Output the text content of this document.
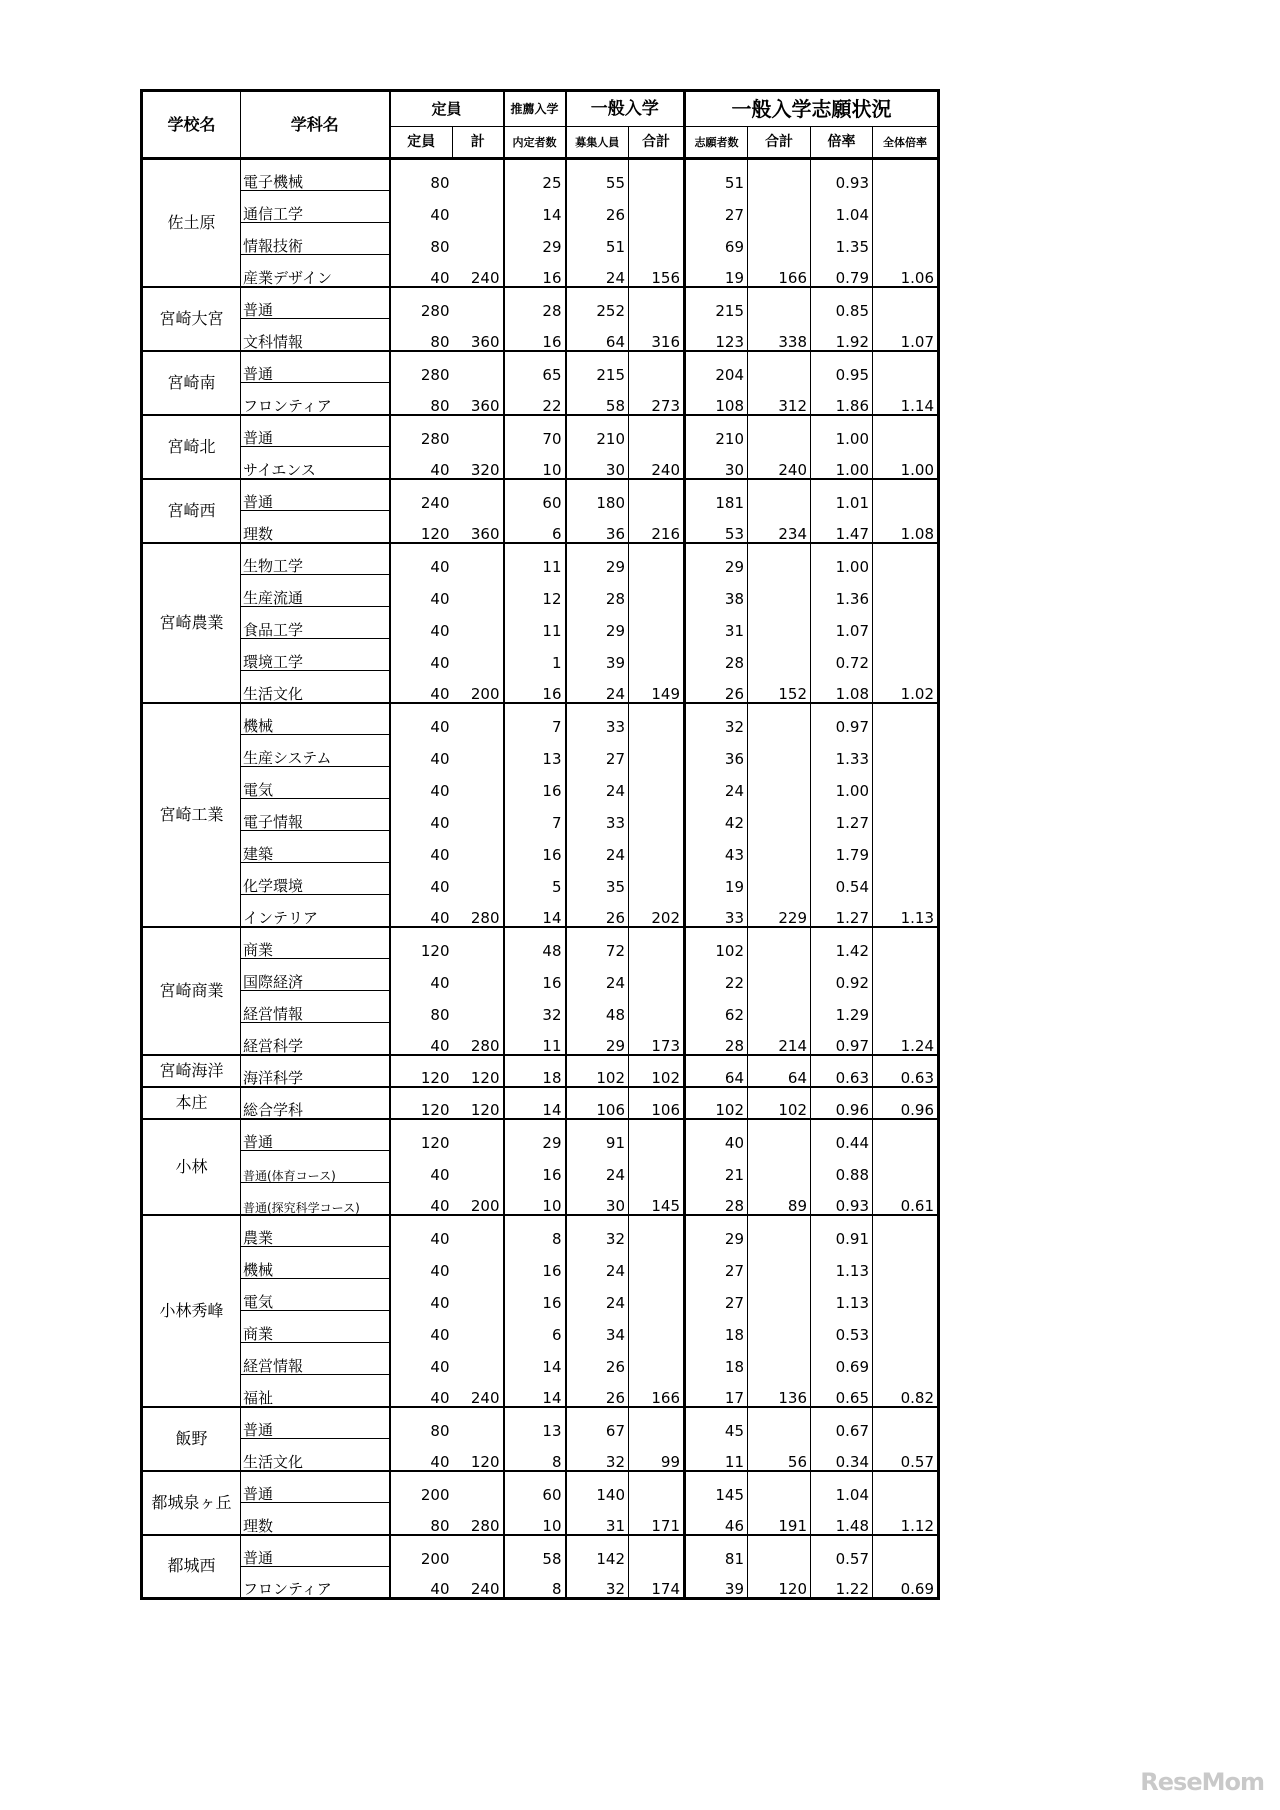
学校名	学科名	定員		推薦入学	一般入学		一般入学志願状況			
		定員	計	内定者数	募集人員	合計	志願者数	合計	倍率	全体倍率
佐土原	電子機械	80		25	55		51		0.93	
	通信工学	40		14	26		27		1.04	
	情報技術	80		29	51		69		1.35	
	産業デザイン	40	240	16	24	156	19	166	0.79	1.06
宮崎大宮	普通	280		28	252		215		0.85	
	文科情報	80	360	16	64	316	123	338	1.92	1.07
宮崎南	普通	280		65	215		204		0.95	
	フロンティア	80	360	22	58	273	108	312	1.86	1.14
宮崎北	普通	280		70	210		210		1.00	
	サイエンス	40	320	10	30	240	30	240	1.00	1.00
宮崎西	普通	240		60	180		181		1.01	
	理数	120	360	6	36	216	53	234	1.47	1.08
宮崎農業	生物工学	40		11	29		29		1.00	
	生産流通	40		12	28		38		1.36	
	食品工学	40		11	29		31		1.07	
	環境工学	40		1	39		28		0.72	
	生活文化	40	200	16	24	149	26	152	1.08	1.02
宮崎工業	機械	40		7	33		32		0.97	
	生産システム	40		13	27		36		1.33	
	電気	40		16	24		24		1.00	
	電子情報	40		7	33		42		1.27	
	建築	40		16	24		43		1.79	
	化学環境	40		5	35		19		0.54	
	インテリア	40	280	14	26	202	33	229	1.27	1.13
宮崎商業	商業	120		48	72		102		1.42	
	国際経済	40		16	24		22		0.92	
	経営情報	80		32	48		62		1.29	
	経営科学	40	280	11	29	173	28	214	0.97	1.24
宮崎海洋	海洋科学	120	120	18	102	102	64	64	0.63	0.63
本庄	総合学科	120	120	14	106	106	102	102	0.96	0.96
小林	普通	120		29	91		40		0.44	
	普通(体育コース)	40		16	24		21		0.88	
	普通(探究科学コース)	40	200	10	30	145	28	89	0.93	0.61
小林秀峰	農業	40		8	32		29		0.91	
	機械	40		16	24		27		1.13	
	電気	40		16	24		27		1.13	
	商業	40		6	34		18		0.53	
	経営情報	40		14	26		18		0.69	
	福祉	40	240	14	26	166	17	136	0.65	0.82
飯野	普通	80		13	67		45		0.67	
	生活文化	40	120	8	32	99	11	56	0.34	0.57
都城泉ヶ丘	普通	200		60	140		145		1.04	
	理数	80	280	10	31	171	46	191	1.48	1.12
都城西	普通	200		58	142		81		0.57	
	フロンティア	40	240	8	32	174	39	120	1.22	0.69
ReseMom
